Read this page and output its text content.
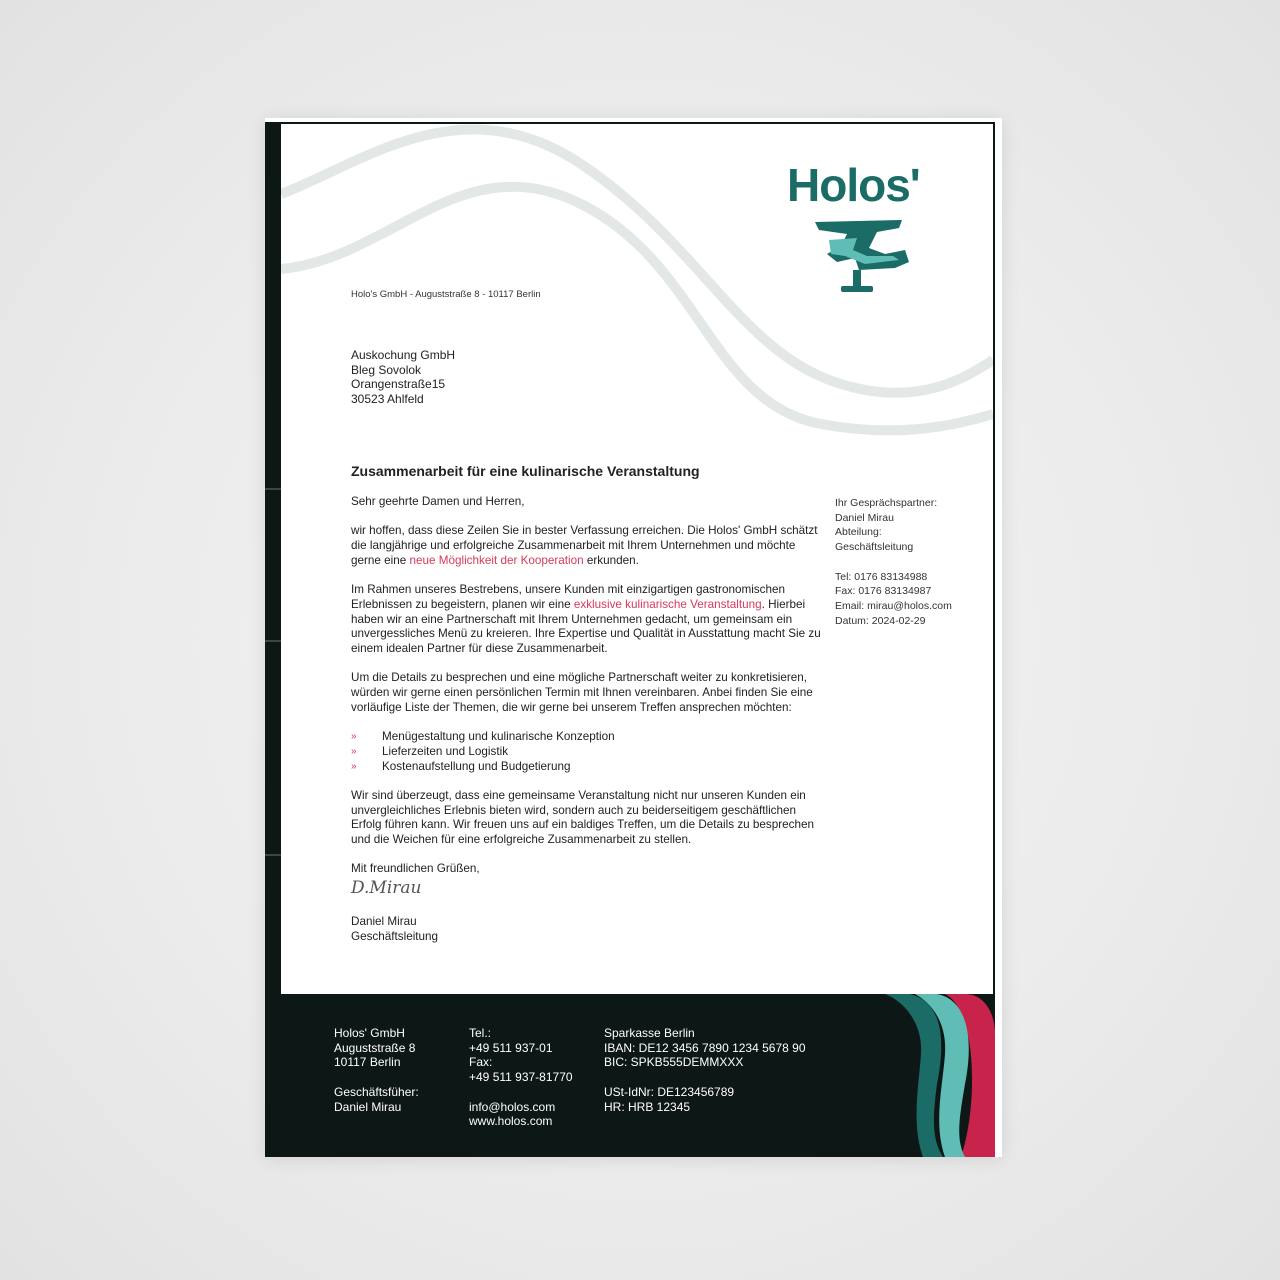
Holos'
Holo's GmbH - Auguststraße 8 - 10117 Berlin
Auskochung GmbH
Bleg Sovolok
Orangenstraße15
30523 Ahlfeld
Zusammenarbeit für eine kulinarische Veranstaltung

Sehr geehrte Damen und Herren,

wir hoffen, dass diese Zeilen Sie in bester Verfassung erreichen. Die Holos' GmbH schätzt die langjährige und erfolgreiche Zusammenarbeit mit Ihrem Unternehmen und möchte gerne eine neue Möglichkeit der Kooperation erkunden.

Im Rahmen unseres Bestrebens, unsere Kunden mit einzigartigen gastronomischen Erlebnissen zu begeistern, planen wir eine exklusive kulinarische Veranstaltung. Hierbei haben wir an eine Partnerschaft mit Ihrem Unternehmen gedacht, um gemeinsam ein unvergessliches Menü zu kreieren. Ihre Expertise und Qualität in Ausstattung macht Sie zu einem idealen Partner für diese Zusammenarbeit.

Um die Details zu besprechen und eine mögliche Partnerschaft weiter zu konkretisieren, würden wir gerne einen persönlichen Termin mit Ihnen vereinbaren. Anbei finden Sie eine vorläufige Liste der Themen, die wir gerne bei unserem Treffen ansprechen möchten:

» Menügestaltung und kulinarische Konzeption
» Lieferzeiten und Logistik
» Kostenaufstellung und Budgetierung

Wir sind überzeugt, dass eine gemeinsame Veranstaltung nicht nur unseren Kunden ein unvergleichliches Erlebnis bieten wird, sondern auch zu beiderseitigem geschäftlichen Erfolg führen kann. Wir freuen uns auf ein baldiges Treffen, um die Details zu besprechen und die Weichen für eine erfolgreiche Zusammenarbeit zu stellen.

Mit freundlichen Grüßen,

D.Mirau
Daniel Mirau
Geschäftsleitung
Ihr Gesprächspartner:
Daniel Mirau
Abteilung:
Geschäftsleitung
Tel: 0176 83134988
Fax: 0176 83134987
Email: mirau@holos.com
Datum: 2024-02-29
Holos' GmbH
Auguststraße 8
10117 Berlin
Geschäftsfüher:
Daniel Mirau
Tel.:
+49 511 937-01
Fax:
+49 511 937-81770
info@holos.com
www.holos.com
Sparkasse Berlin
IBAN: DE12 3456 7890 1234 5678 90
BIC: SPKB555DEMMXXX
USt-IdNr: DE123456789
HR: HRB 12345
